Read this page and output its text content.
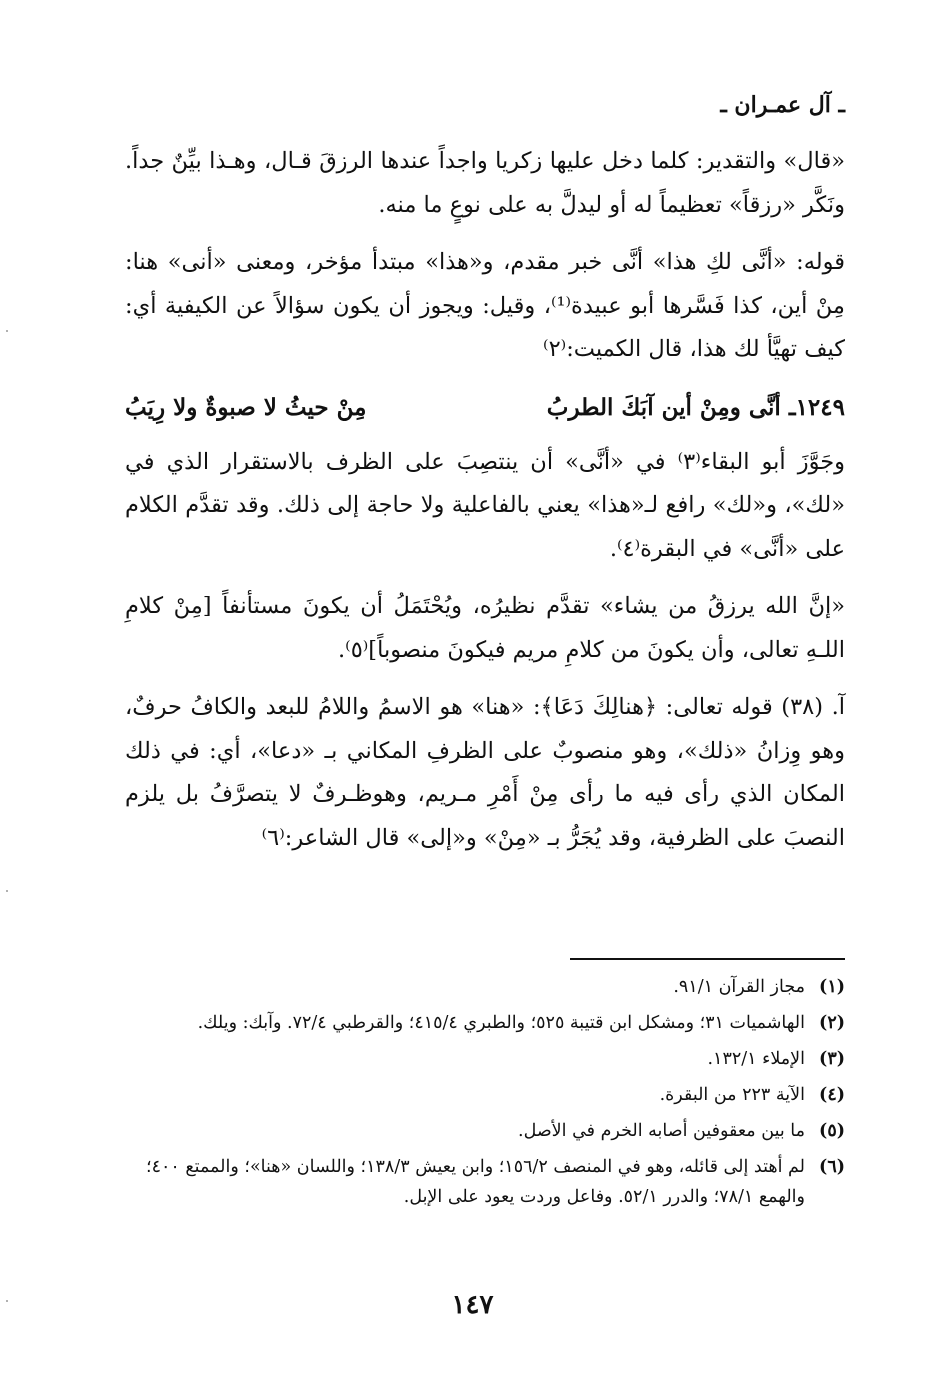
ـ آل عمـران ـ

«قال» والتقدير: كلما دخل عليها زكريا واجداً عندها الرزقَ قـال، وهـذا بيِّنٌ جداً. ونَكَّر «رزقاً» تعظيماً له أو ليدلَّ به على نوعٍ ما منه.

قوله: «أنَّى لكِ هذا» أنَّى خبر مقدم، و«هذا» مبتدأ مؤخر، ومعنى «أنى» هنا: مِنْ أين، كذا فَسَّرها أبو عبيدة⁽¹⁾، وقيل: ويجوز أن يكون سؤالاً عن الكيفية أي: كيف تهيَّأ لك هذا، قال الكميت:⁽٢⁾

١٢٤٩ـ أنَّى ومِنْ أين آبَكَ الطربُ
مِنْ حيثُ لا صبوةٌ ولا رِيَبُ

وجَوَّزَ أبو البقاء⁽٣⁾ في «أنَّى» أن ينتصِبَ على الظرف بالاستقرار الذي في «لك»، و«لك» رافع لـ«هذا» يعني بالفاعلية ولا حاجة إلى ذلك. وقد تقدَّم الكلام على «أنَّى» في البقرة⁽٤⁾.

«إنَّ الله يرزقُ من يشاء» تقدَّم نظيرُه، ويُحْتَمَلُ أن يكونَ مستأنفاً [مِنْ كلامِ اللـهِ تعالى، وأن يكونَ من كلامِ مريم فيكونَ منصوباً]⁽٥⁾.

آ. (٣٨) قوله تعالى: ﴿هنالِكَ دَعَا﴾: «هنا» هو الاسمُ واللامُ للبعد والكافُ حرفٌ، وهو وِزانُ «ذلك»، وهو منصوبٌ على الظرفِ المكاني بـ «دعا»، أي: في ذلك المكان الذي رأى فيه ما رأى مِنْ أَمْرِ مـريم، وهوظـرفٌ لا يتصرَّفُ بل يلزم النصبَ على الظرفية، وقد يُجَرُّ بـ «مِنْ» و«إلى» قال الشاعر:⁽٦⁾

(١)
مجاز القرآن ٩١/١.
(٢)
الهاشميات ٣١؛ ومشكل ابن قتيبة ٥٢٥؛ والطبري ٤١٥/٤؛ والقرطبي ٧٢/٤. وآبك: ويلك.
(٣)
الإملاء ١٣٢/١.
(٤)
الآية ٢٢٣ من البقرة.
(٥)
ما بين معقوفين أصابه الخرم في الأصل.
(٦)
لم أهتد إلى قائله، وهو في المنصف ١٥٦/٢؛ وابن يعيش ١٣٨/٣؛ واللسان «هنا»؛ والممتع ٤٠٠؛ والهمع ٧٨/١؛ والدرر ٥٢/١. وفاعل وردت يعود على الإبل.
١٤٧
